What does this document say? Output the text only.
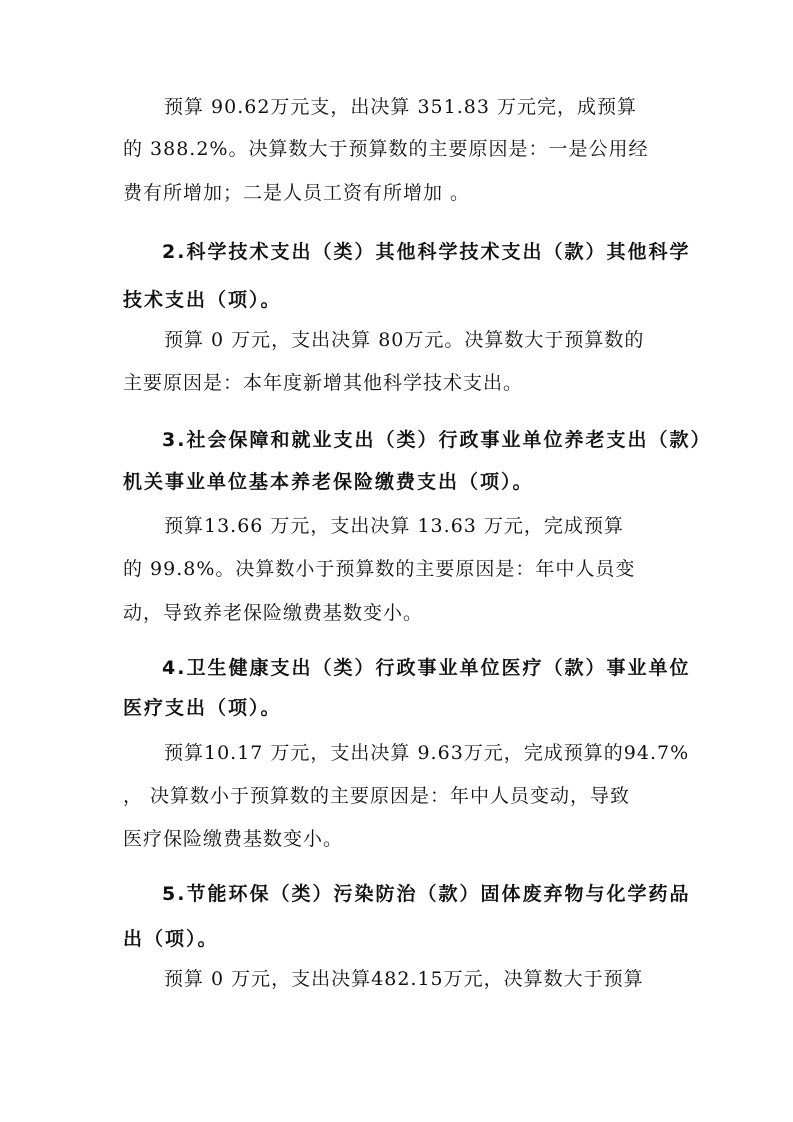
预算 90.62万元支，出决算 351.83 万元完，成预算

的 388.2%。决算数大于预算数的主要原因是：一是公用经

费有所增加；二是人员工资有所增加 。

2.科学技术支出（类）其他科学技术支出（款）其他科学

技术支出（项）。

预算 0 万元，支出决算 80万元。决算数大于预算数的

主要原因是：本年度新增其他科学技术支出。

3.社会保障和就业支出（类）行政事业单位养老支出（款）

机关事业单位基本养老保险缴费支出（项）。

预算13.66 万元，支出决算 13.63 万元，完成预算

的 99.8%。决算数小于预算数的主要原因是：年中人员变

动，导致养老保险缴费基数变小。

4.卫生健康支出（类）行政事业单位医疗（款）事业单位

医疗支出（项）。

预算10.17 万元，支出决算 9.63万元，完成预算的94.7%

， 决算数小于预算数的主要原因是：年中人员变动，导致

医疗保险缴费基数变小。

5.节能环保（类）污染防治（款）固体废弃物与化学药品

出（项）。

预算 0 万元，支出决算482.15万元，决算数大于预算
